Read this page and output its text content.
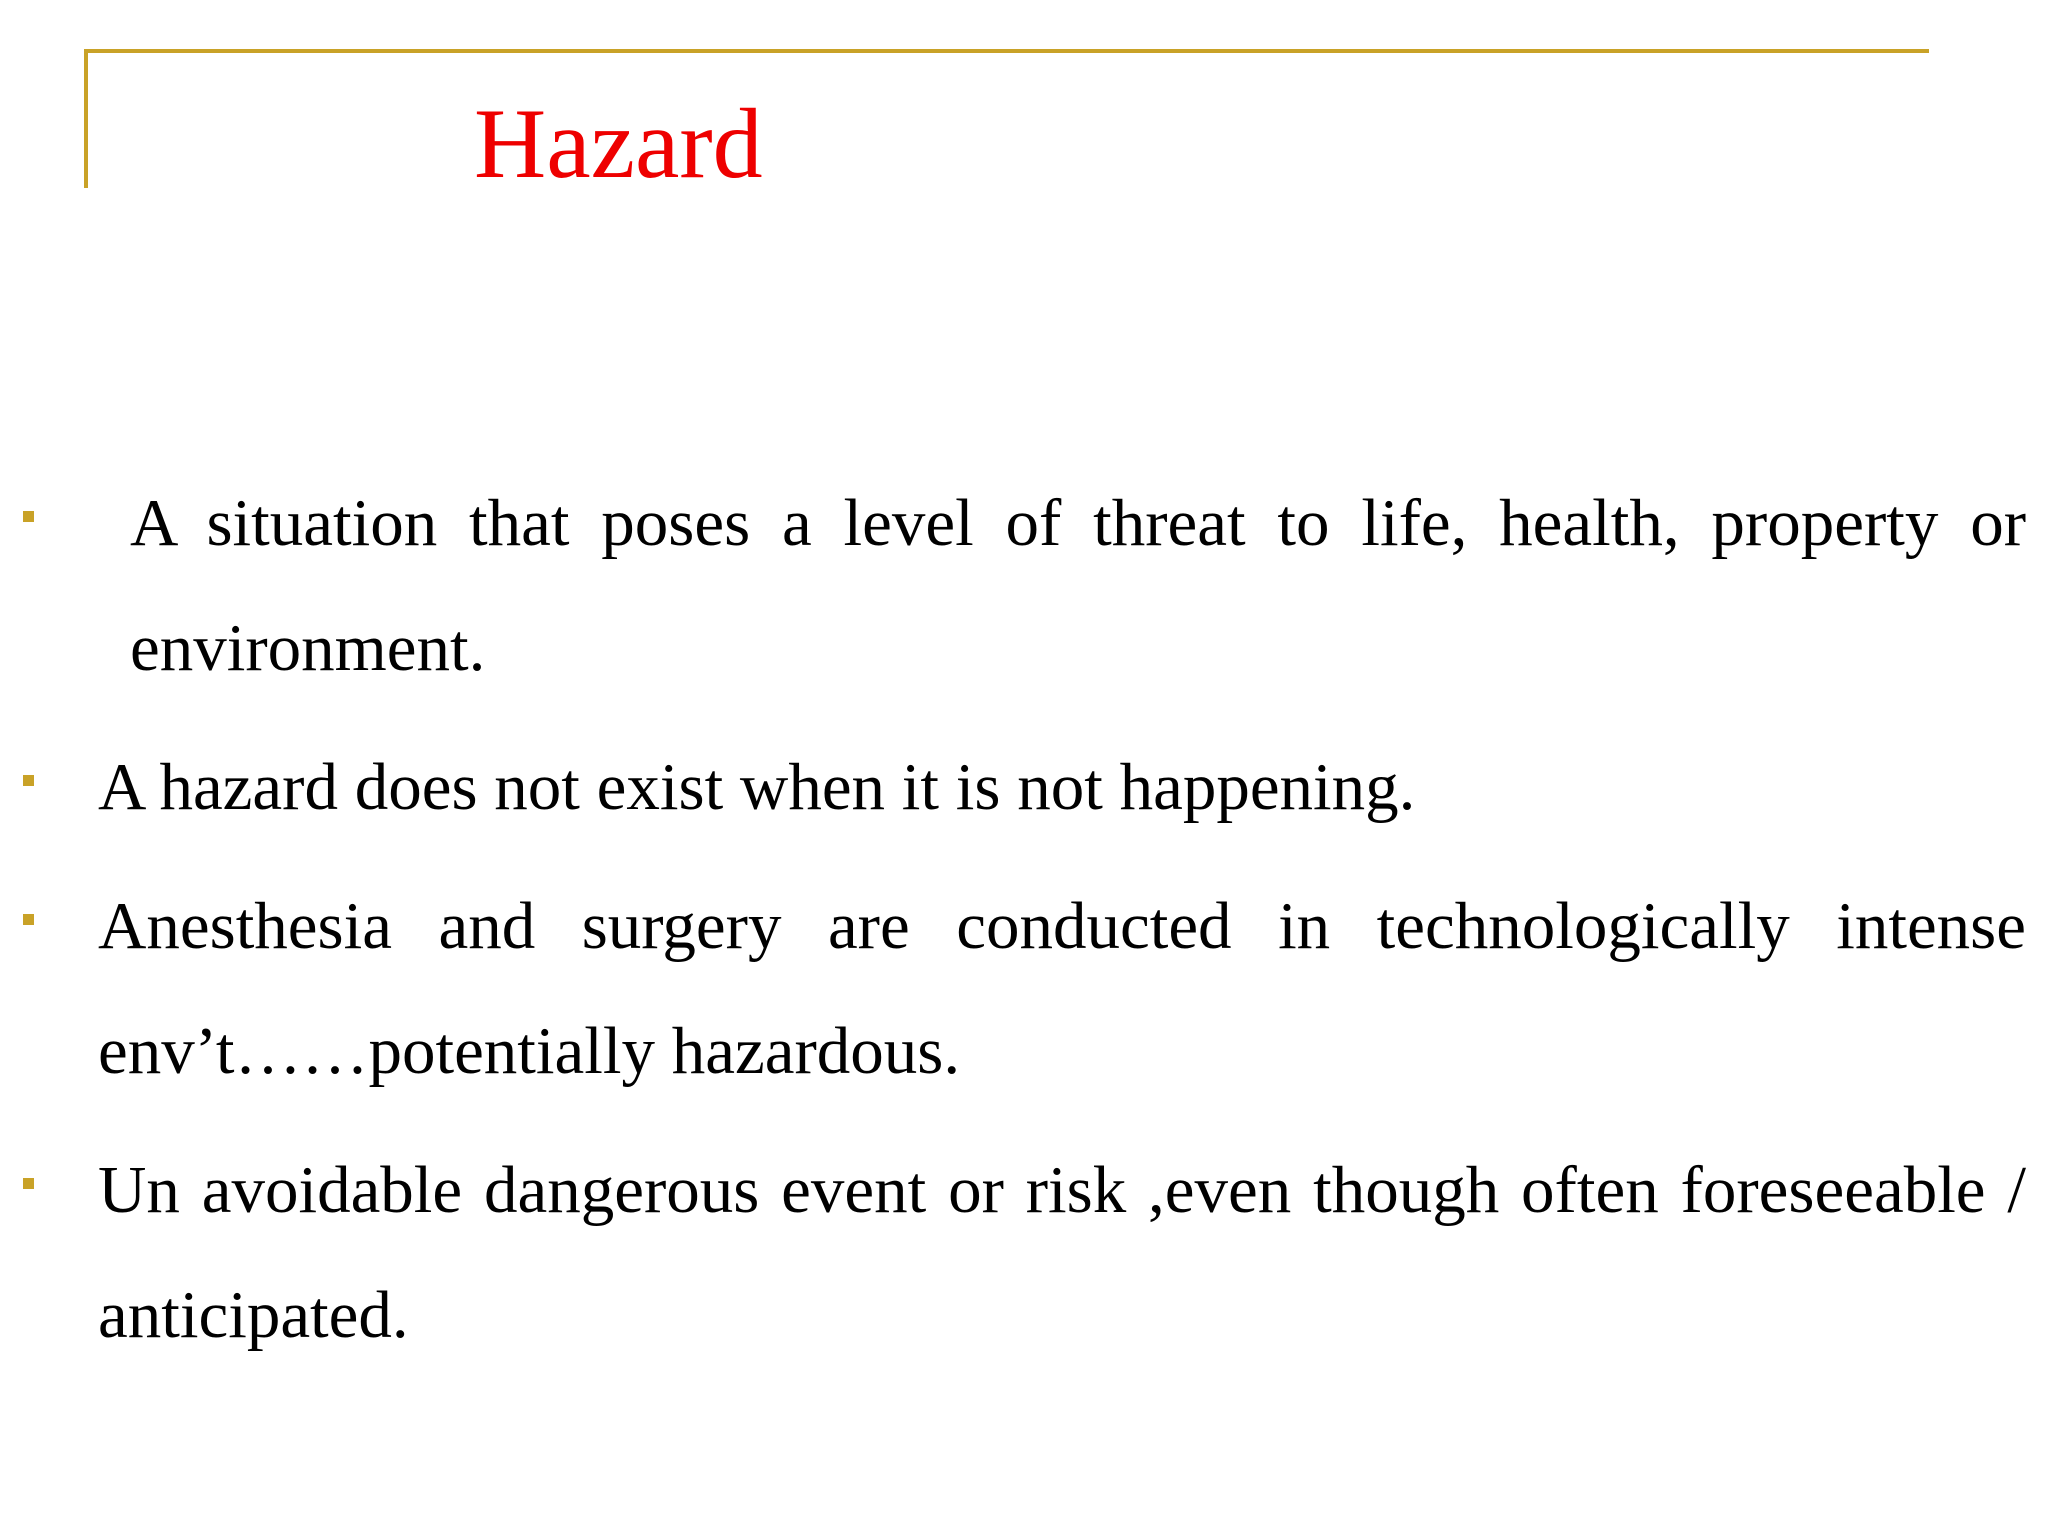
Hazard
A situation that poses a level of threat to life, health, property or environment.
A hazard does not exist when it is not happening.
Anesthesia and surgery are conducted in technologically intense env’t……potentially hazardous.
Un avoidable dangerous event or risk ,even though often foreseeable / anticipated.
